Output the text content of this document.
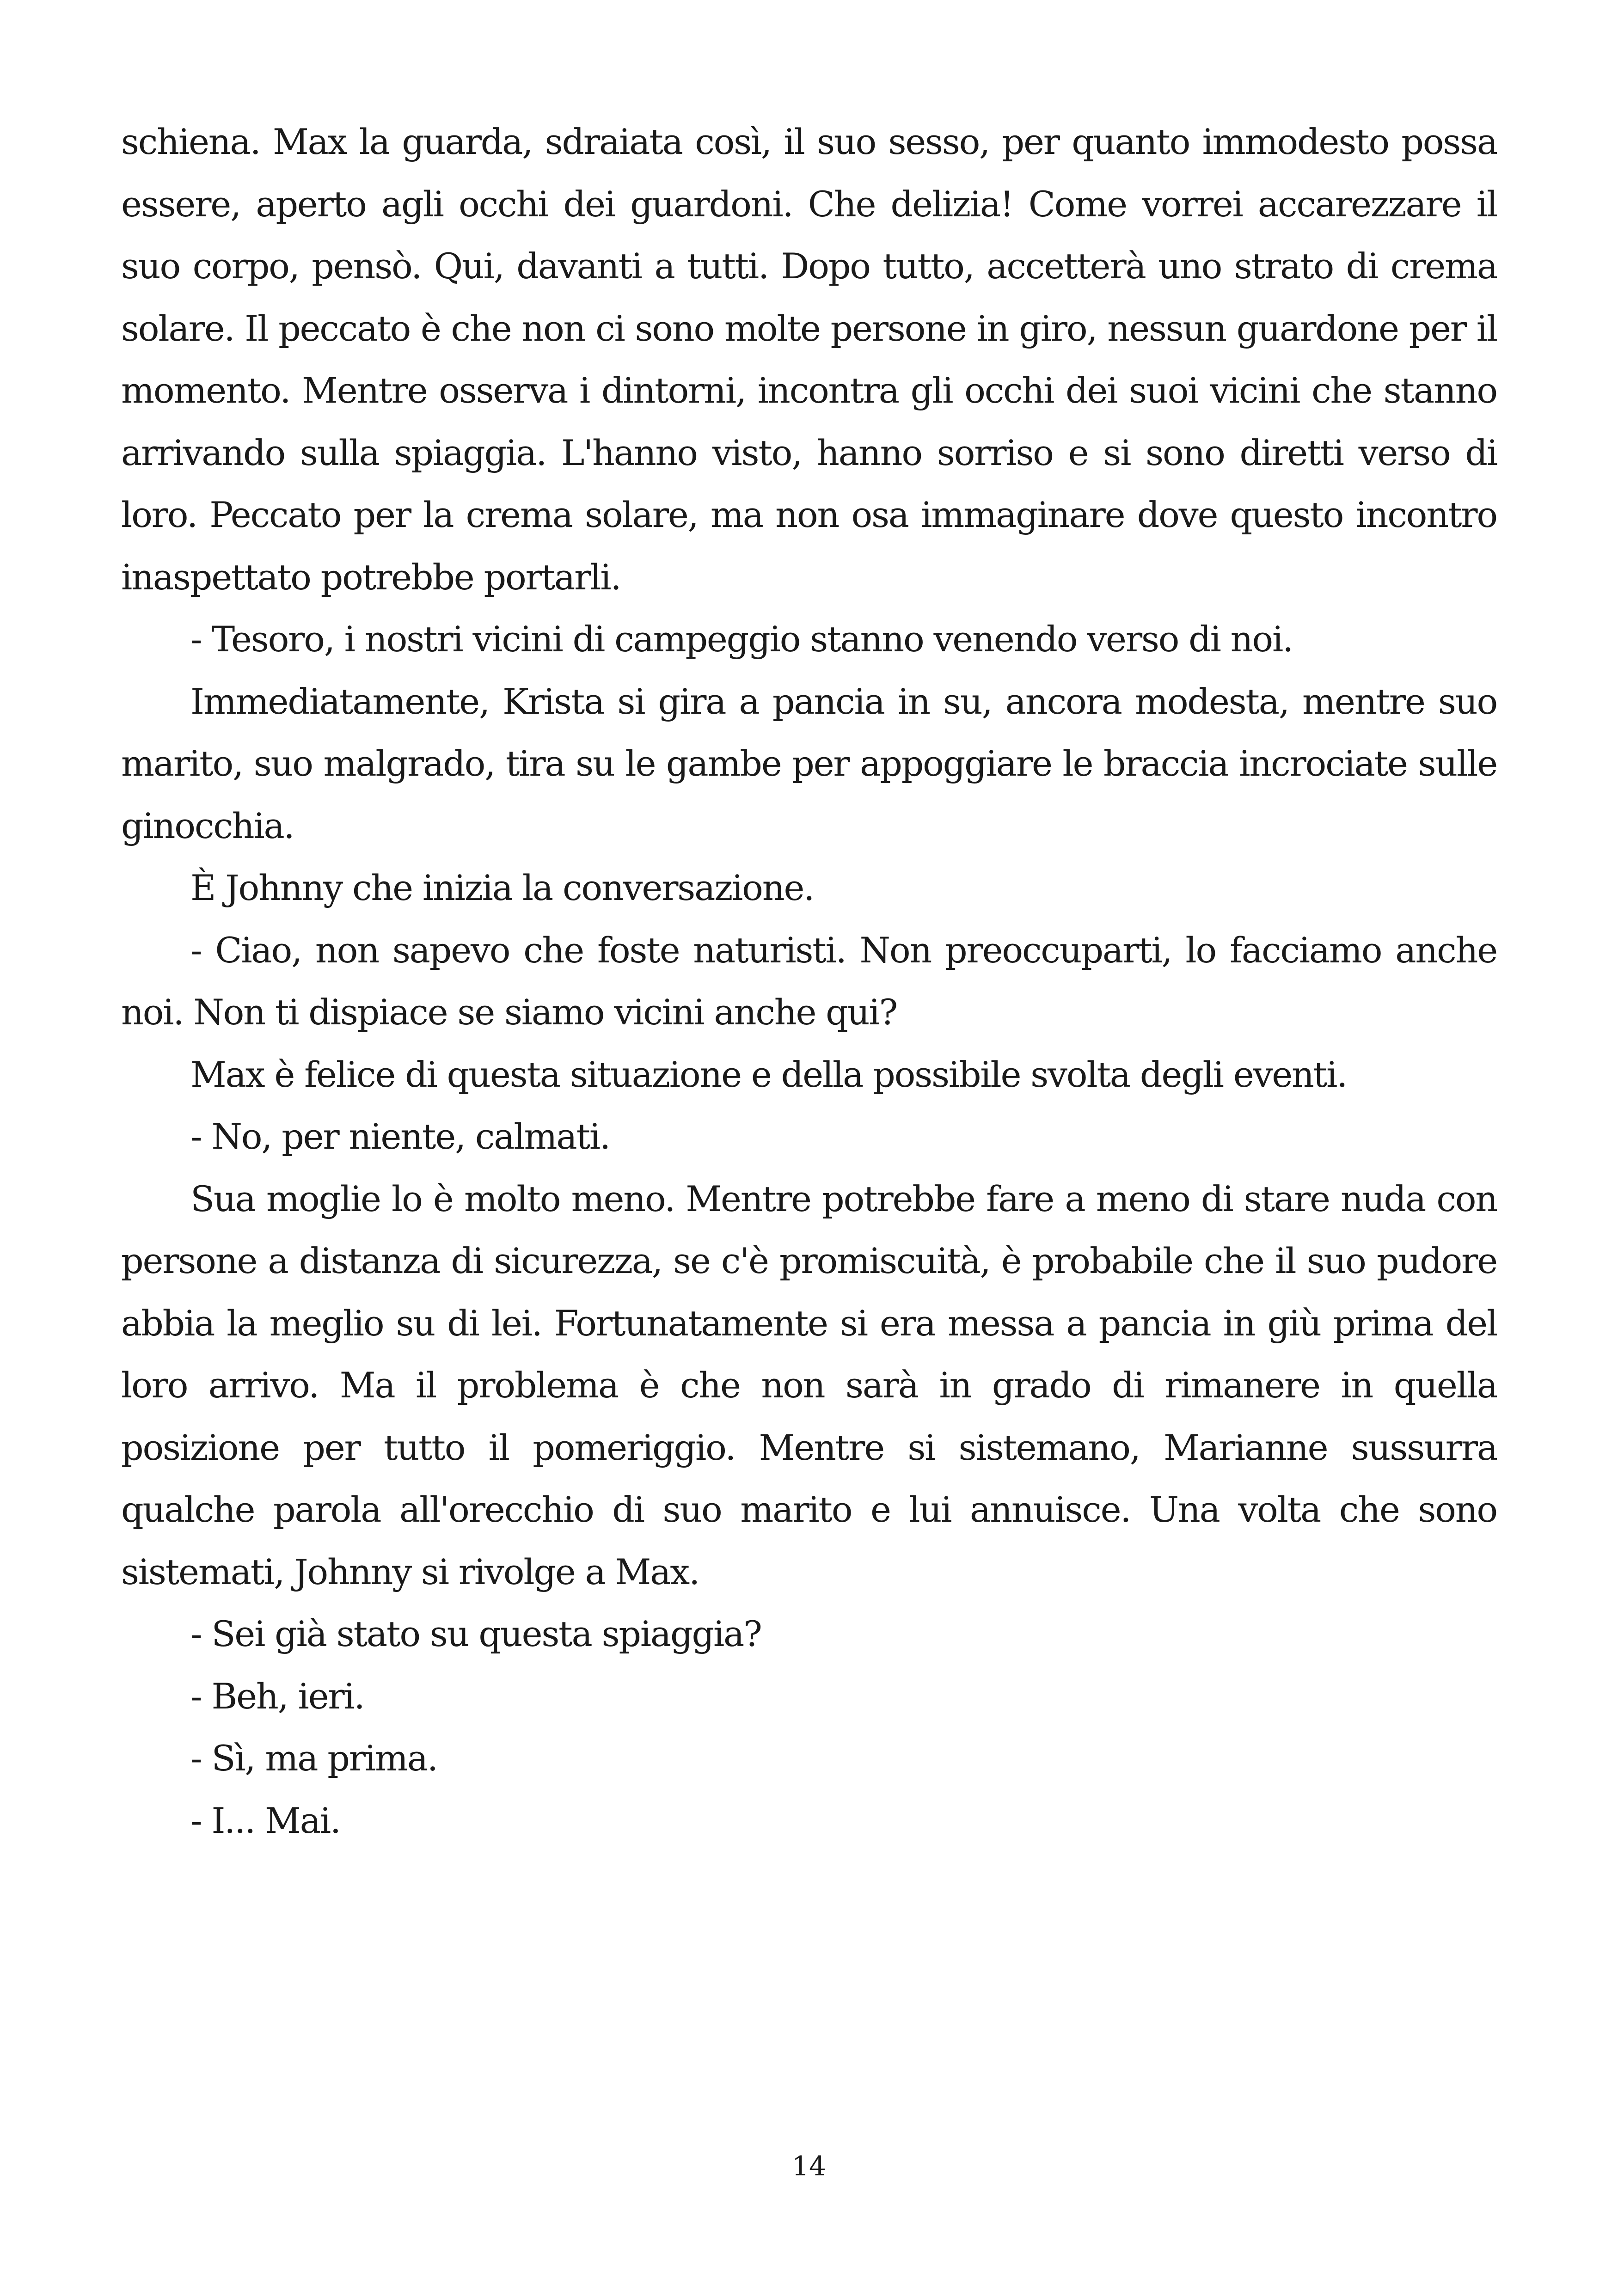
schiena. Max la guarda, sdraiata così, il suo sesso, per quanto immodesto possa essere, aperto agli occhi dei guardoni. Che delizia! Come vorrei accarezzare il suo corpo, pensò. Qui, davanti a tutti. Dopo tutto, accetterà uno strato di crema solare. Il peccato è che non ci sono molte persone in giro, nessun guardone per il momento. Mentre osserva i dintorni, incontra gli occhi dei suoi vicini che stanno arrivando sulla spiaggia. L'hanno visto, hanno sorriso e si sono diretti verso di loro. Peccato per la crema solare, ma non osa immaginare dove questo incontro inaspettato potrebbe portarli.

- Tesoro, i nostri vicini di campeggio stanno venendo verso di noi.

Immediatamente, Krista si gira a pancia in su, ancora modesta, mentre suo marito, suo malgrado, tira su le gambe per appoggiare le braccia incrociate sulle ginocchia.

È Johnny che inizia la conversazione.

- Ciao, non sapevo che foste naturisti. Non preoccuparti, lo facciamo anche noi. Non ti dispiace se siamo vicini anche qui?

Max è felice di questa situazione e della possibile svolta degli eventi.

- No, per niente, calmati.

Sua moglie lo è molto meno. Mentre potrebbe fare a meno di stare nuda con persone a distanza di sicurezza, se c'è promiscuità, è probabile che il suo pudore abbia la meglio su di lei. Fortunatamente si era messa a pancia in giù prima del loro arrivo. Ma il problema è che non sarà in grado di rimanere in quella posizione per tutto il pomeriggio. Mentre si sistemano, Marianne sussurra qualche parola all'orecchio di suo marito e lui annuisce. Una volta che sono sistemati, Johnny si rivolge a Max.

- Sei già stato su questa spiaggia?

- Beh, ieri.

- Sì, ma prima.

- I... Mai.

14
